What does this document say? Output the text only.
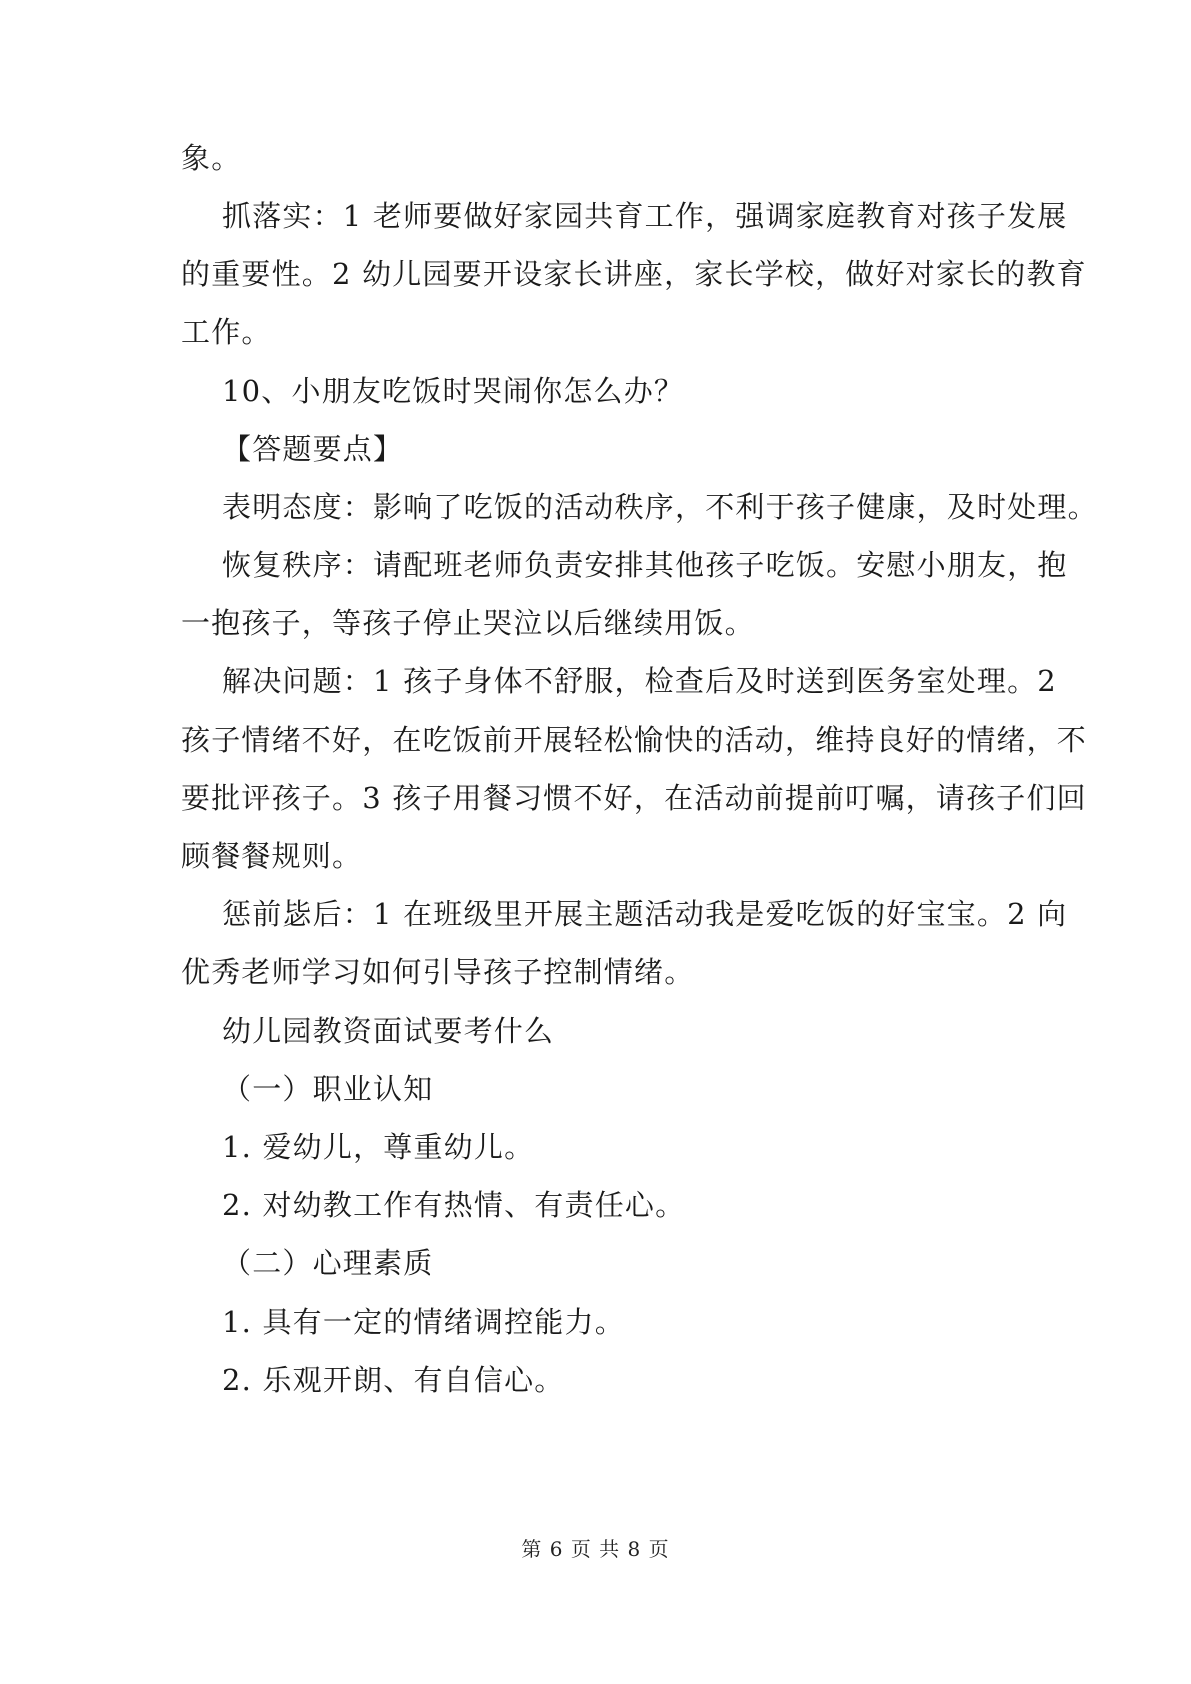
象。
抓落实：1 老师要做好家园共育工作，强调家庭教育对孩子发展
的重要性。2 幼儿园要开设家长讲座，家长学校，做好对家长的教育
工作。
10、小朋友吃饭时哭闹你怎么办？
【答题要点】
表明态度：影响了吃饭的活动秩序，不利于孩子健康，及时处理。
恢复秩序：请配班老师负责安排其他孩子吃饭。安慰小朋友，抱
一抱孩子，等孩子停止哭泣以后继续用饭。
解决问题：1 孩子身体不舒服，检查后及时送到医务室处理。2
孩子情绪不好，在吃饭前开展轻松愉快的活动，维持良好的情绪，不
要批评孩子。3 孩子用餐习惯不好，在活动前提前叮嘱，请孩子们回
顾餐餐规则。
惩前毖后：1 在班级里开展主题活动我是爱吃饭的好宝宝。2 向
优秀老师学习如何引导孩子控制情绪。
幼儿园教资面试要考什么
（一）职业认知
1. 爱幼儿，尊重幼儿。
2. 对幼教工作有热情、有责任心。
（二）心理素质
1. 具有一定的情绪调控能力。
2. 乐观开朗、有自信心。
第 6 页 共 8 页
